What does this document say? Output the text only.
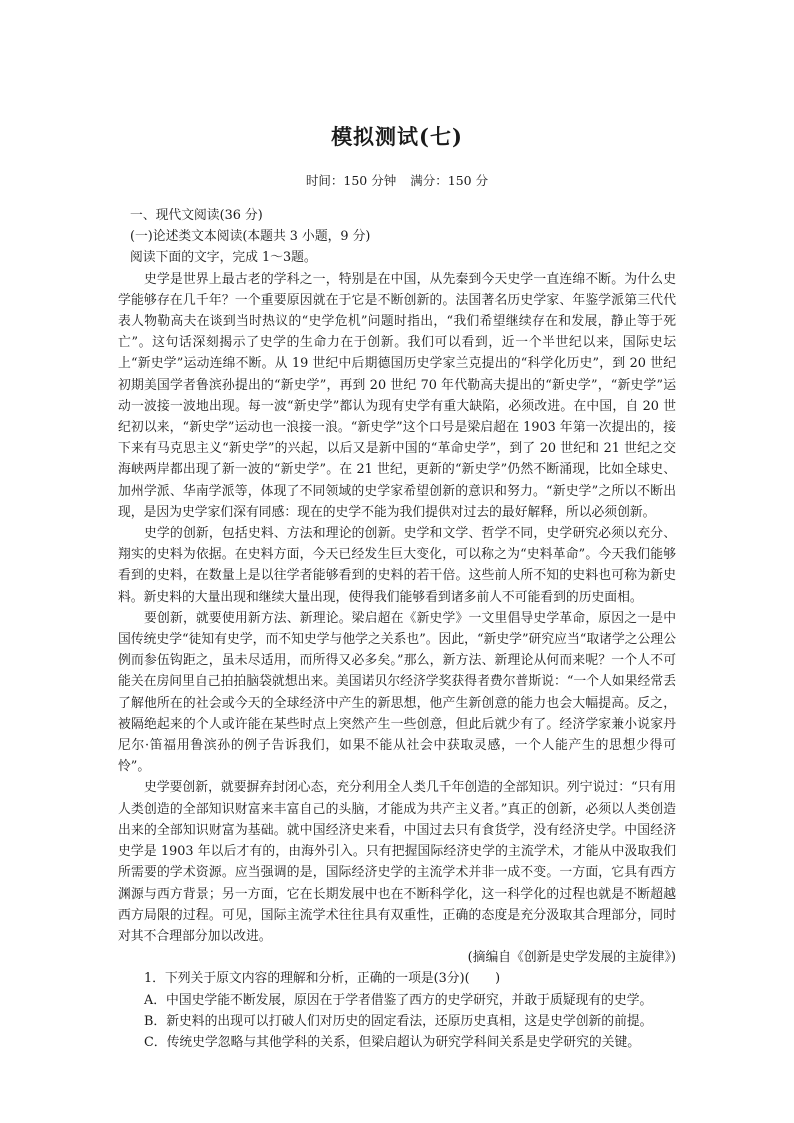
模拟测试(七)
时间：150 分钟 满分：150 分

一、现代文阅读(36 分)

(一)论述类文本阅读(本题共 3 小题，9 分)

阅读下面的文字，完成 1～3题。

史学是世界上最古老的学科之一，特别是在中国，从先秦到今天史学一直连绵不断。为什么史学能够存在几千年？一个重要原因就在于它是不断创新的。法国著名历史学家、年鉴学派第三代代表人物勒高夫在谈到当时热议的“史学危机”问题时指出，“我们希望继续存在和发展，静止等于死亡”。这句话深刻揭示了史学的生命力在于创新。我们可以看到，近一个半世纪以来，国际史坛上“新史学”运动连绵不断。从 19 世纪中后期德国历史学家兰克提出的“科学化历史”，到 20 世纪初期美国学者鲁滨孙提出的“新史学”，再到 20 世纪 70 年代勒高夫提出的“新史学”，“新史学”运动一波接一波地出现。每一波“新史学”都认为现有史学有重大缺陷，必须改进。在中国，自 20 世纪初以来，“新史学”运动也一浪接一浪。“新史学”这个口号是梁启超在 1903 年第一次提出的，接下来有马克思主义“新史学”的兴起，以后又是新中国的“革命史学”，到了 20 世纪和 21 世纪之交海峡两岸都出现了新一波的“新史学”。在 21 世纪，更新的“新史学”仍然不断涌现，比如全球史、加州学派、华南学派等，体现了不同领域的史学家希望创新的意识和努力。“新史学”之所以不断出现，是因为史学家们深有同感：现在的史学不能为我们提供对过去的最好解释，所以必须创新。

史学的创新，包括史料、方法和理论的创新。史学和文学、哲学不同，史学研究必须以充分、翔实的史料为依据。在史料方面，今天已经发生巨大变化，可以称之为“史料革命”。今天我们能够看到的史料，在数量上是以往学者能够看到的史料的若干倍。这些前人所不知的史料也可称为新史料。新史料的大量出现和继续大量出现，使得我们能够看到诸多前人不可能看到的历史面相。

要创新，就要使用新方法、新理论。梁启超在《新史学》一文里倡导史学革命，原因之一是中国传统史学“徒知有史学，而不知史学与他学之关系也”。因此，“新史学”研究应当“取诸学之公理公例而参伍钩距之，虽未尽适用，而所得又必多矣。”那么，新方法、新理论从何而来呢？一个人不可能关在房间里自己拍拍脑袋就想出来。美国诺贝尔经济学奖获得者费尔普斯说：“一个人如果经常丢了解他所在的社会或今天的全球经济中产生的新思想，他产生新创意的能力也会大幅提高。反之，被隔绝起来的个人或许能在某些时点上突然产生一些创意，但此后就少有了。经济学家兼小说家丹尼尔·笛福用鲁滨孙的例子告诉我们，如果不能从社会中获取灵感，一个人能产生的思想少得可怜”。

史学要创新，就要摒弃封闭心态，充分利用全人类几千年创造的全部知识。列宁说过：“只有用人类创造的全部知识财富来丰富自己的头脑，才能成为共产主义者。”真正的创新，必须以人类创造出来的全部知识财富为基础。就中国经济史来看，中国过去只有食货学，没有经济史学。中国经济史学是 1903 年以后才有的，由海外引入。只有把握国际经济史学的主流学术，才能从中汲取我们所需要的学术资源。应当强调的是，国际经济史学的主流学术并非一成不变。一方面，它具有西方渊源与西方背景；另一方面，它在长期发展中也在不断科学化，这一科学化的过程也就是不断超越西方局限的过程。可见，国际主流学术往往具有双重性，正确的态度是充分汲取其合理部分，同时对其不合理部分加以改进。

(摘编自《创新是史学发展的主旋律》)

1．下列关于原文内容的理解和分析，正确的一项是(3分)(　　)

A．中国史学能不断发展，原因在于学者借鉴了西方的史学研究，并敢于质疑现有的史学。

B．新史料的出现可以打破人们对历史的固定看法，还原历史真相，这是史学创新的前提。

C．传统史学忽略与其他学科的关系，但梁启超认为研究学科间关系是史学研究的关键。
